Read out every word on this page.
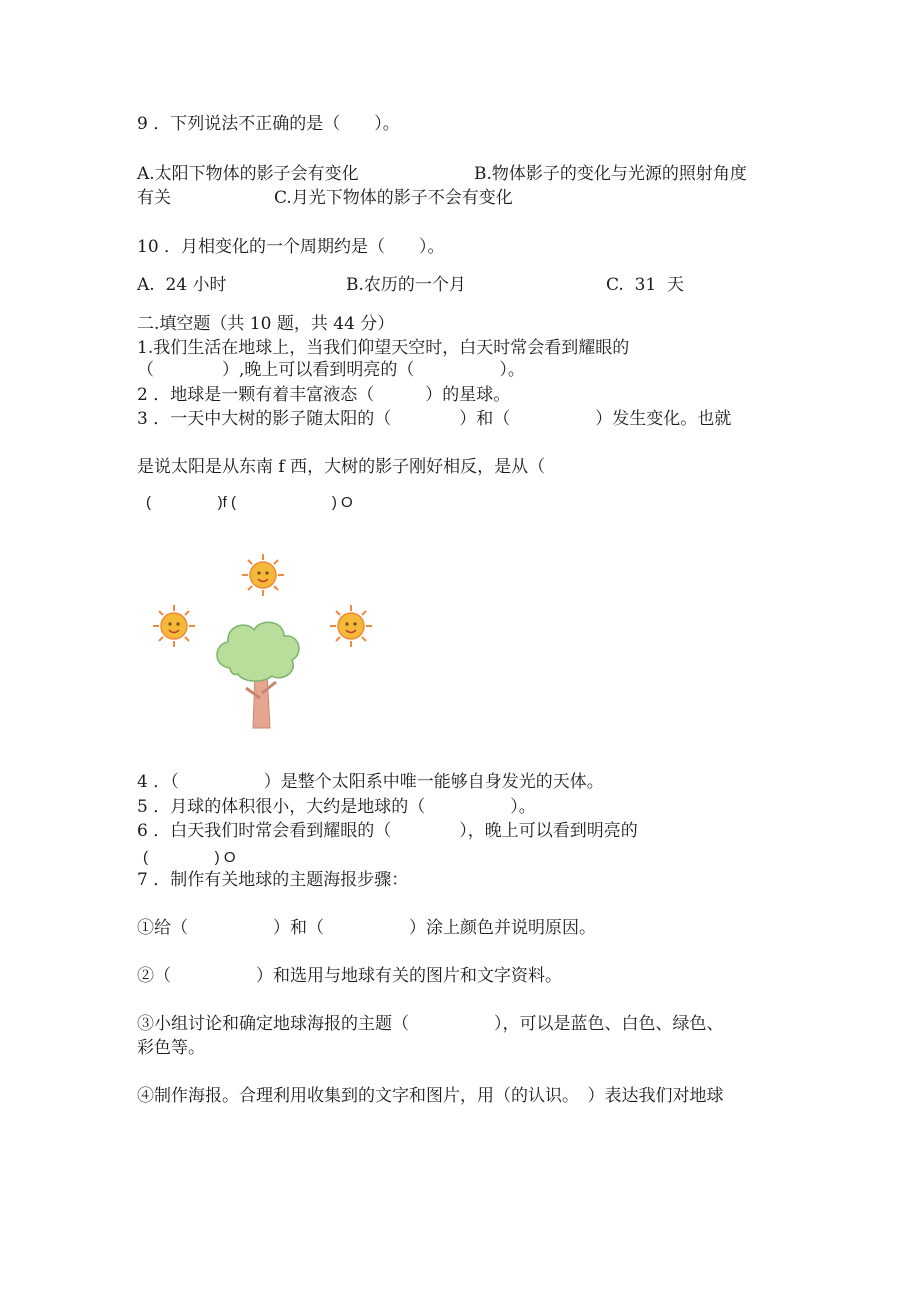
9 ．下列说法不正确的是（　　）。
A.太阳下物体的影子会有变化	B.物体影子的变化与光源的照射角度
有关	C.月光下物体的影子不会有变化
10 ．月相变化的一个周期约是（　　）。
A.  24 小时	B.农历的一个月	C.  31  天
二.填空题（共 10 题，共 44 分）
1.我们生活在地球上，当我们仰望天空时，白天时常会看到耀眼的
（　　　　）,晚上可以看到明亮的（　　　　　）。
2 ．地球是一颗有着丰富液态（　　　）的星球。
3 ．一天中大树的影子随太阳的（　　　　）和（　　　　　）发生变化。也就
是说太阳是从东南 f 西，大树的影子刚好相反，是从（
(                )f (                       ) O
4 ．（　　　　　）是整个太阳系中唯一能够自身发光的天体。
5 ．月球的体积很小，大约是地球的（　　　　　）。
6 ．白天我们时常会看到耀眼的（　　　　），晚上可以看到明亮的
(                ) O
7 ．制作有关地球的主题海报步骤：
①给（　　　　　）和（　　　　　）涂上颜色并说明原因。
②（　　　　　）和选用与地球有关的图片和文字资料。
③小组讨论和确定地球海报的主题（　　　　　），可以是蓝色、白色、绿色、
彩色等。
④制作海报。合理利用收集到的文字和图片，用（的认识。　）表达我们对地球
